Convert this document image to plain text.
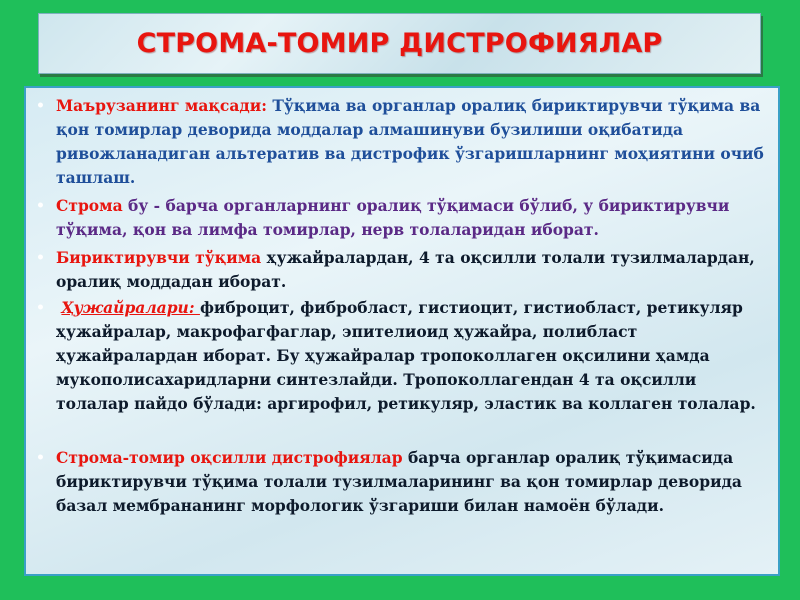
СТРОМА-ТОМИР ДИСТРОФИЯЛАР

• Маърузанинг мақсади: Тўқима ва органлар оралиқ бириктирувчи тўқима ва қон томирлар деворида моддалар алмашинуви бузилиши оқибатида ривожланадиган альтератив ва дистрофик ўзгаришларнинг моҳиятини очиб ташлаш.

• Строма бу - барча органларнинг оралиқ тўқимаси бўлиб, у бириктирувчи тўқима, қон ва лимфа томирлар, нерв толаларидан иборат.

• Бириктирувчи тўқима ҳужайралардан, 4 та оқсилли толали тузилмалардан, оралиқ моддадан иборат.

• Ҳужайралари: фиброцит, фибробласт, гистиоцит, гистиобласт, ретикуляр ҳужайралар, макрофагфаглар, эпителиоид ҳужайра, полибласт ҳужайралардан иборат. Бу ҳужайралар тропоколлаген оқсилини ҳамда мукополисахаридларни синтезлайди. Тропоколлагендан 4 та оқсилли толалар пайдо бўлади: аргирофил, ретикуляр, эластик ва коллаген толалар.

• Строма-томир оқсилли дистрофиялар барча органлар оралиқ тўқимасида бириктирувчи тўқима толали тузилмаларининг ва қон томирлар деворида базал мембрананинг морфологик ўзгариши билан намоён бўлади.
